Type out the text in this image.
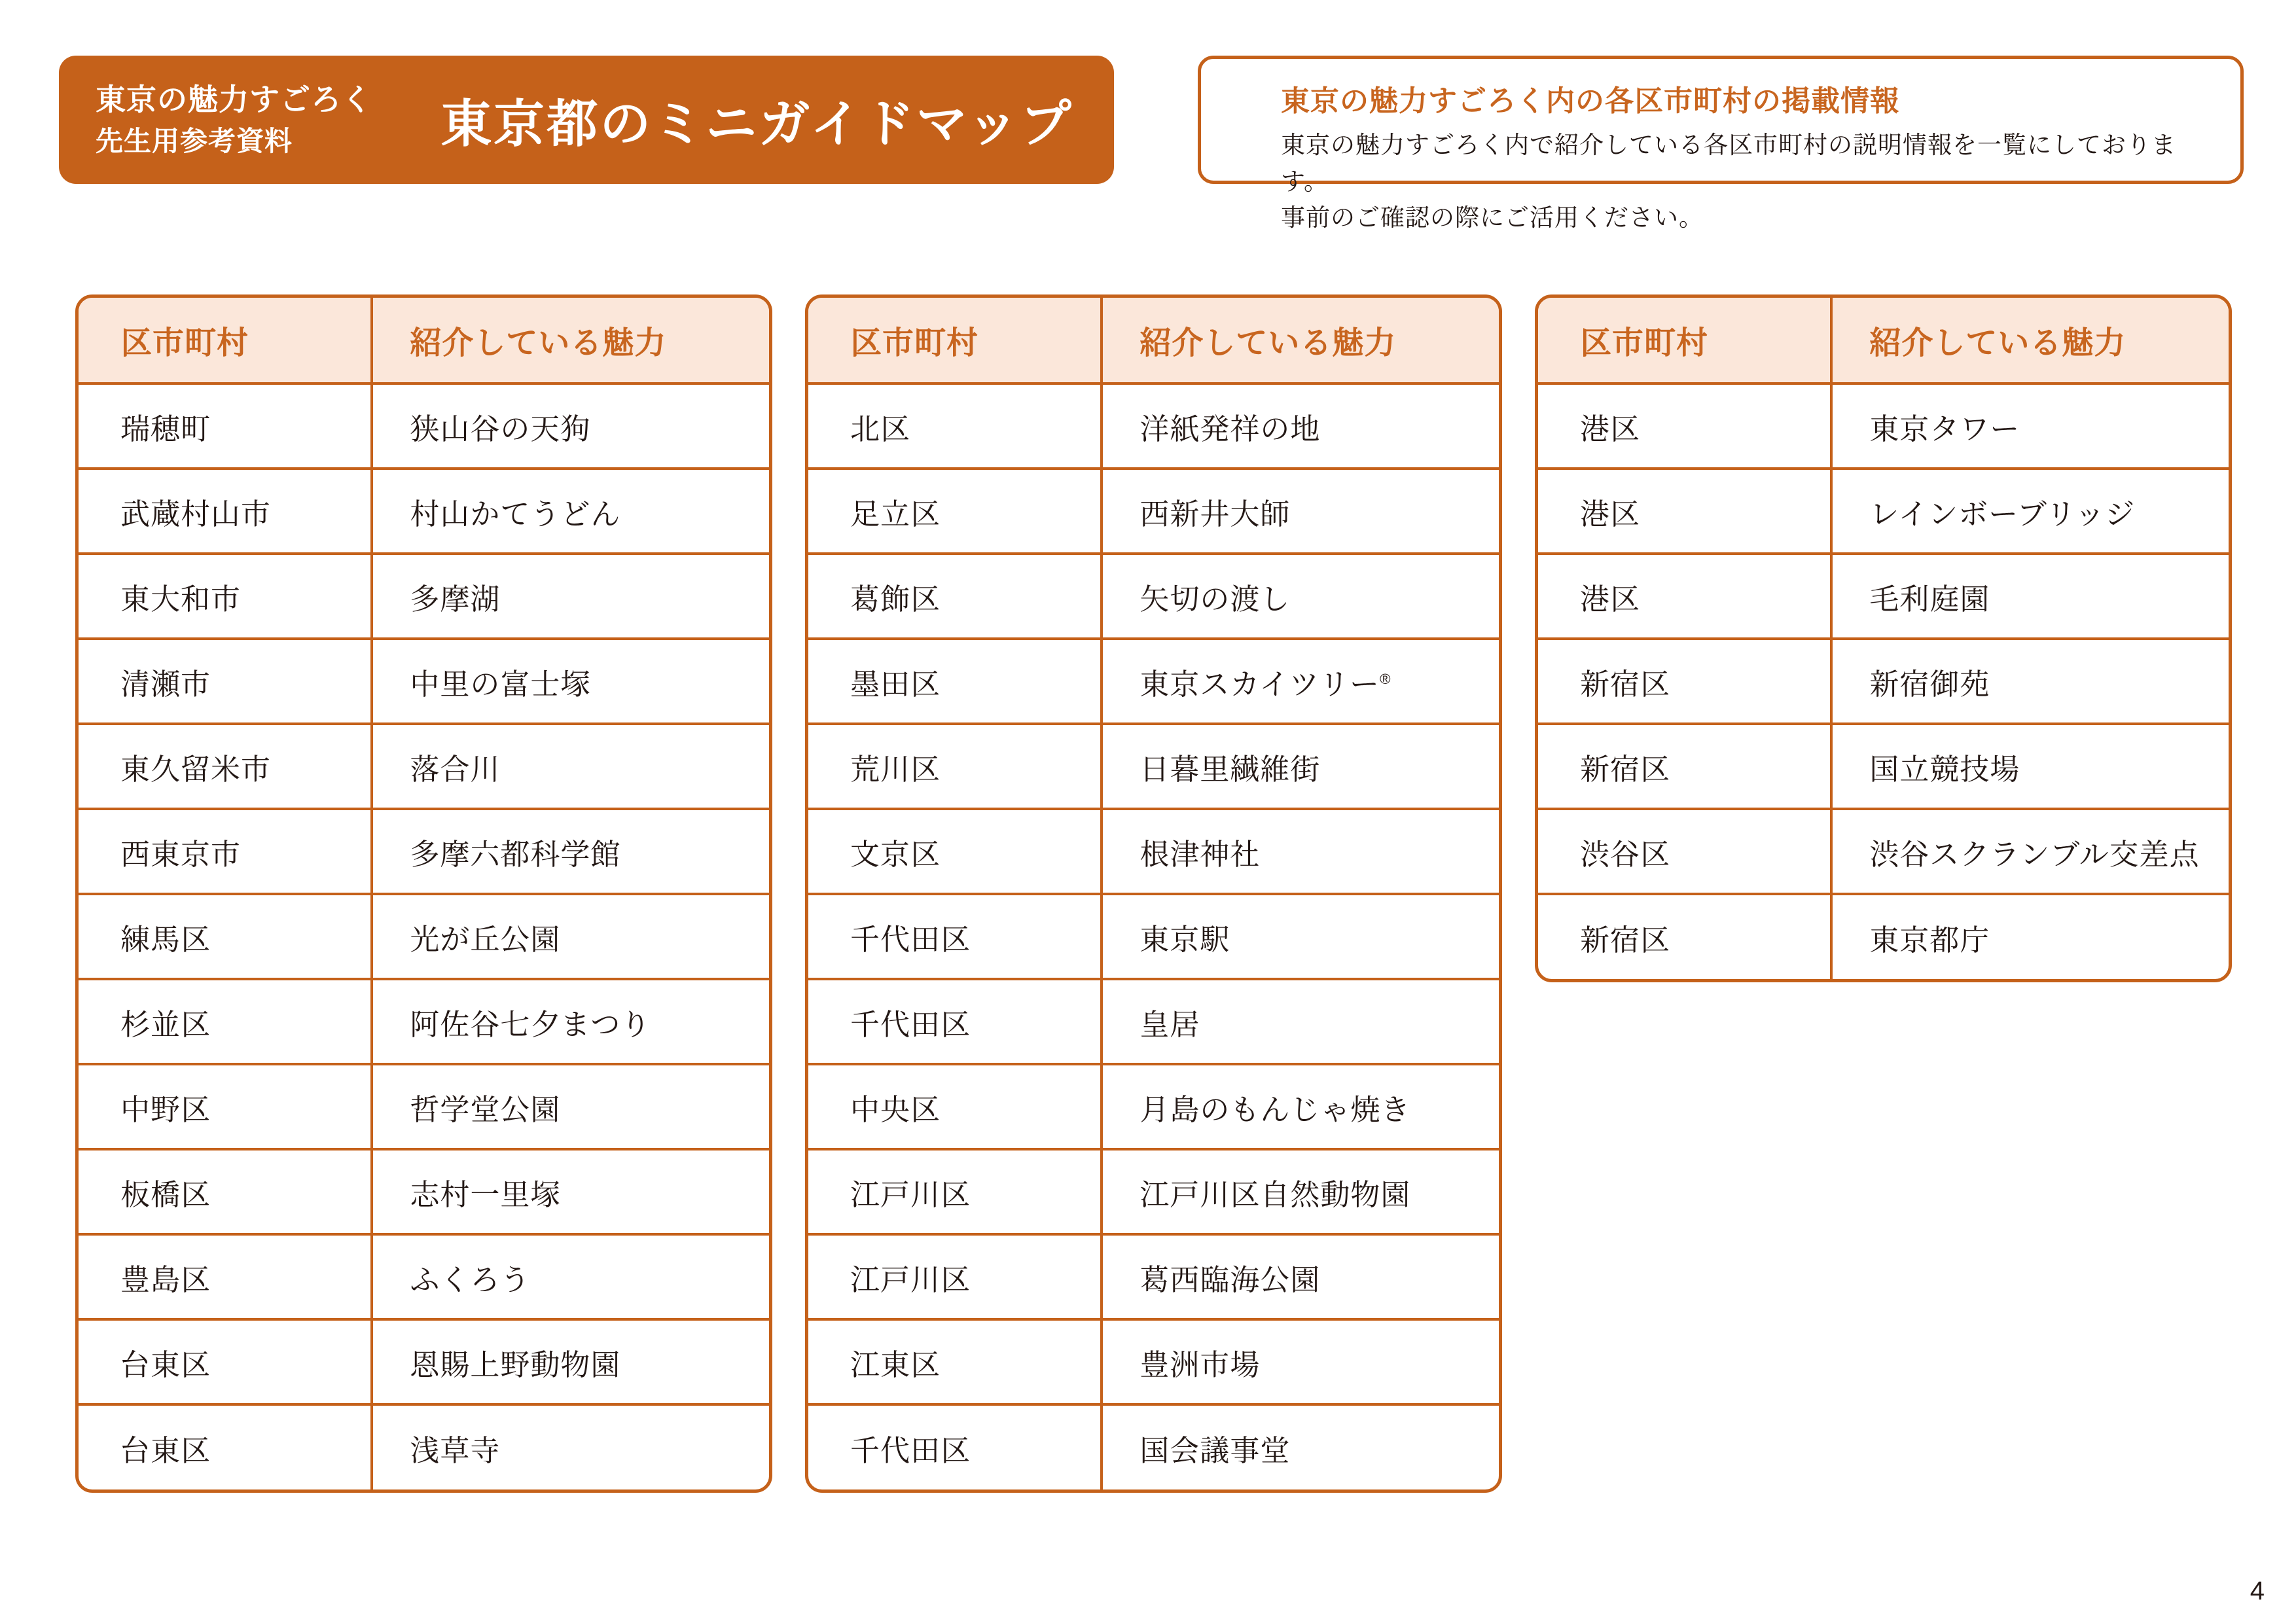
東京の魅力すごろく
先生用参考資料	東京都のミニガイドマップ	東京の魅力すごろく内の各区市町村の掲載情報
東京の魅力すごろく内で紹介している各区市町村の説明情報を一覧にしております。
事前のご確認の際にご活用ください。
区市町村	紹介している魅力
瑞穂町	狭山谷の天狗
武蔵村山市	村山かてうどん
東大和市	多摩湖
清瀬市	中里の富士塚
東久留米市	落合川
西東京市	多摩六都科学館
練馬区	光が丘公園
杉並区	阿佐谷七夕まつり
中野区	哲学堂公園
板橋区	志村一里塚
豊島区	ふくろう
台東区	恩賜上野動物園
台東区	浅草寺
区市町村	紹介している魅力
北区	洋紙発祥の地
足立区	西新井大師
葛飾区	矢切の渡し
墨田区	東京スカイツリー®
荒川区	日暮里繊維街
文京区	根津神社
千代田区	東京駅
千代田区	皇居
中央区	月島のもんじゃ焼き
江戸川区	江戸川区自然動物園
江戸川区	葛西臨海公園
江東区	豊洲市場
千代田区	国会議事堂
区市町村	紹介している魅力
港区	東京タワー
港区	レインボーブリッジ
港区	毛利庭園
新宿区	新宿御苑
新宿区	国立競技場
渋谷区	渋谷スクランブル交差点
新宿区	東京都庁
4
